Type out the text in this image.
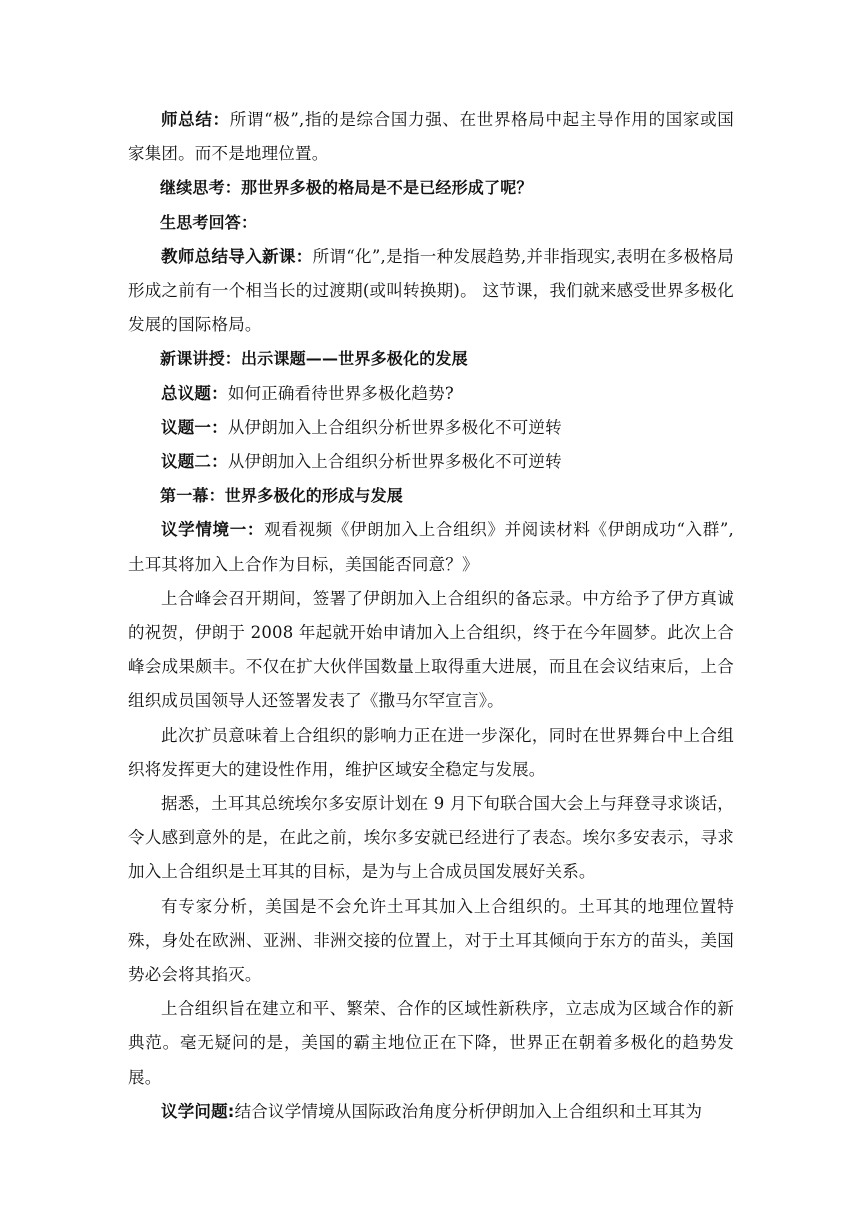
师总结：所谓“极”,指的是综合国力强、在世界格局中起主导作用的国家或国家集团。而不是地理位置。

继续思考：那世界多极的格局是不是已经形成了呢？

生思考回答：

教师总结导入新课：所谓“化”,是指一种发展趋势,并非指现实,表明在多极格局形成之前有一个相当长的过渡期(或叫转换期)。 这节课，我们就来感受世界多极化发展的国际格局。

新课讲授：出示课题——世界多极化的发展

总议题：如何正确看待世界多极化趋势?

议题一：从伊朗加入上合组织分析世界多极化不可逆转

议题二：从伊朗加入上合组织分析世界多极化不可逆转

第一幕：世界多极化的形成与发展

议学情境一：观看视频《伊朗加入上合组织》并阅读材料《伊朗成功“入群”,土耳其将加入上合作为目标，美国能否同意？》

上合峰会召开期间，签署了伊朗加入上合组织的备忘录。中方给予了伊方真诚的祝贺，伊朗于 2008 年起就开始申请加入上合组织，终于在今年圆梦。此次上合峰会成果颇丰。不仅在扩大伙伴国数量上取得重大进展，而且在会议结束后，上合组织成员国领导人还签署发表了《撒马尔罕宣言》。

此次扩员意味着上合组织的影响力正在进一步深化，同时在世界舞台中上合组织将发挥更大的建设性作用，维护区域安全稳定与发展。

据悉，土耳其总统埃尔多安原计划在 9 月下旬联合国大会上与拜登寻求谈话，令人感到意外的是，在此之前，埃尔多安就已经进行了表态。埃尔多安表示，寻求加入上合组织是土耳其的目标，是为与上合成员国发展好关系。

有专家分析，美国是不会允许土耳其加入上合组织的。土耳其的地理位置特殊，身处在欧洲、亚洲、非洲交接的位置上，对于土耳其倾向于东方的苗头，美国势必会将其掐灭。

上合组织旨在建立和平、繁荣、合作的区域性新秩序，立志成为区域合作的新典范。毫无疑问的是，美国的霸主地位正在下降，世界正在朝着多极化的趋势发展。

议学问题:结合议学情境从国际政治角度分析伊朗加入上合组织和土耳其为
